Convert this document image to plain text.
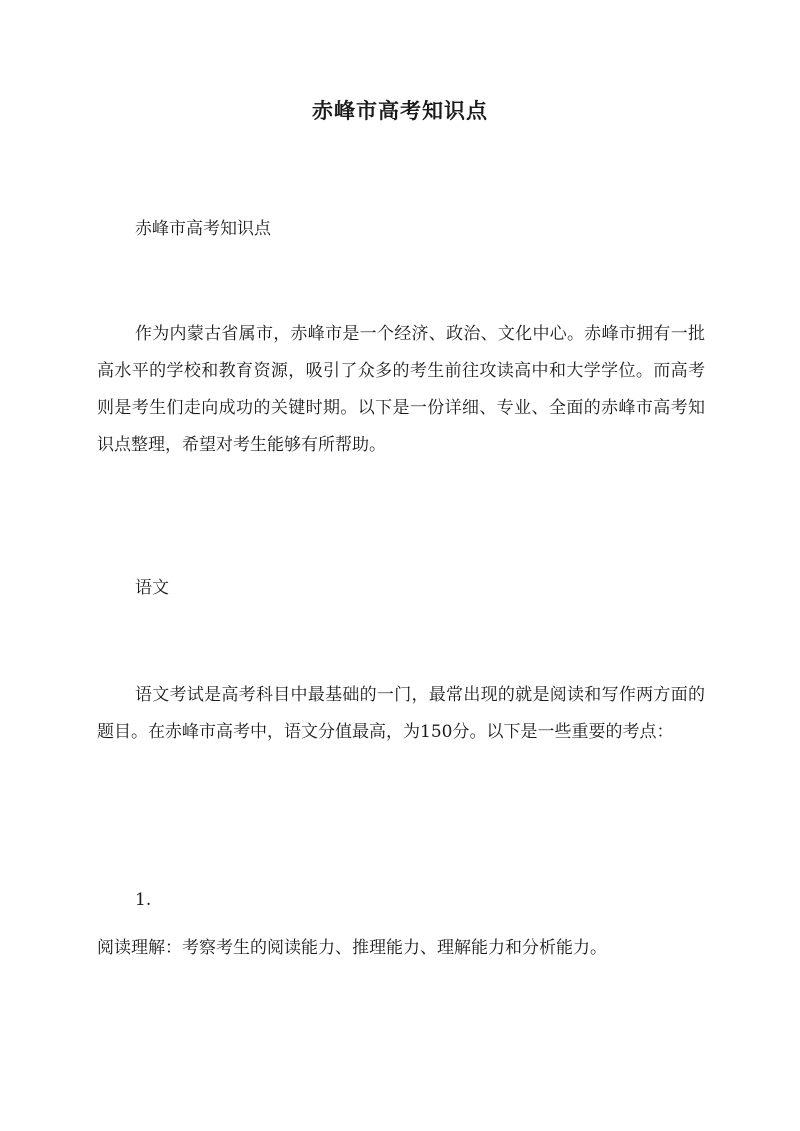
赤峰市高考知识点

赤峰市高考知识点

作为内蒙古省属市，赤峰市是一个经济、政治、文化中心。赤峰市拥有一批高水平的学校和教育资源，吸引了众多的考生前往攻读高中和大学学位。而高考则是考生们走向成功的关键时期。以下是一份详细、专业、全面的赤峰市高考知识点整理，希望对考生能够有所帮助。

语文

语文考试是高考科目中最基础的一门，最常出现的就是阅读和写作两方面的题目。在赤峰市高考中，语文分值最高，为150分。以下是一些重要的考点：

1.

阅读理解：考察考生的阅读能力、推理能力、理解能力和分析能力。
